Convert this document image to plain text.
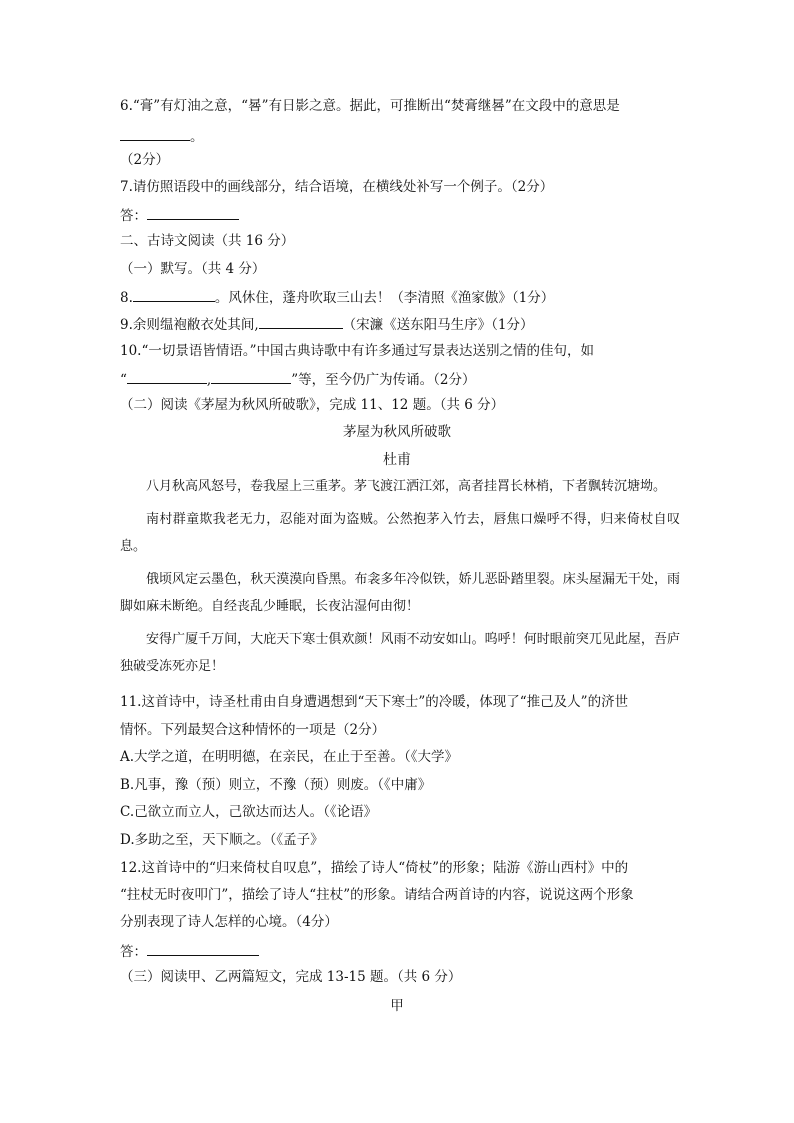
6.“膏”有灯油之意，“晷”有日影之意。据此，可推断出“焚膏继晷”在文段中的意思是
。
（2分）
7.请仿照语段中的画线部分，结合语境，在横线处补写一个例子。（2分）
答：
二、古诗文阅读（共 16 分）
（一）默写。（共 4 分）
8.	。风休住，蓬舟吹取三山去！（李清照《渔家傲》（1分）
9.余则缊袍敝衣处其间,	（宋濂《送东阳马生序》（1分）
10.“一切景语皆情语。”中国古典诗歌中有许多通过写景表达送别之情的佳句，如
“	,	”等，至今仍广为传诵。（2分）
（二）阅读《茅屋为秋风所破歌》，完成 11、12 题。（共 6 分）
茅屋为秋风所破歌
杜甫

八月秋高风怒号，卷我屋上三重茅。茅飞渡江洒江郊，高者挂罥长林梢，下者飘转沉塘坳。

南村群童欺我老无力，忍能对面为盗贼。公然抱茅入竹去，唇焦口燥呼不得，归来倚杖自叹息。

俄顷风定云墨色，秋天漠漠向昏黑。布衾多年冷似铁，娇儿恶卧踏里裂。床头屋漏无干处，雨脚如麻未断绝。自经丧乱少睡眠，长夜沾湿何由彻！

安得广厦千万间，大庇天下寒士俱欢颜！风雨不动安如山。呜呼！何时眼前突兀见此屋，吾庐独破受冻死亦足！

11.这首诗中，诗圣杜甫由自身遭遇想到“天下寒士”的冷暖，体现了“推己及人”的济世
情怀。下列最契合这种情怀的一项是（2分）
A.大学之道，在明明德，在亲民，在止于至善。（《大学》
B.凡事，豫（预）则立，不豫（预）则废。（《中庸》
C.己欲立而立人，己欲达而达人。（《论语》
D.多助之至，天下顺之。（《孟子》
12.这首诗中的“归来倚杖自叹息”，描绘了诗人“倚杖”的形象；陆游《游山西村》中的
“拄杖无时夜叩门”，描绘了诗人“拄杖”的形象。请结合两首诗的内容，说说这两个形象
分别表现了诗人怎样的心境。（4分）
答：
（三）阅读甲、乙两篇短文，完成 13-15 题。（共 6 分）
甲
